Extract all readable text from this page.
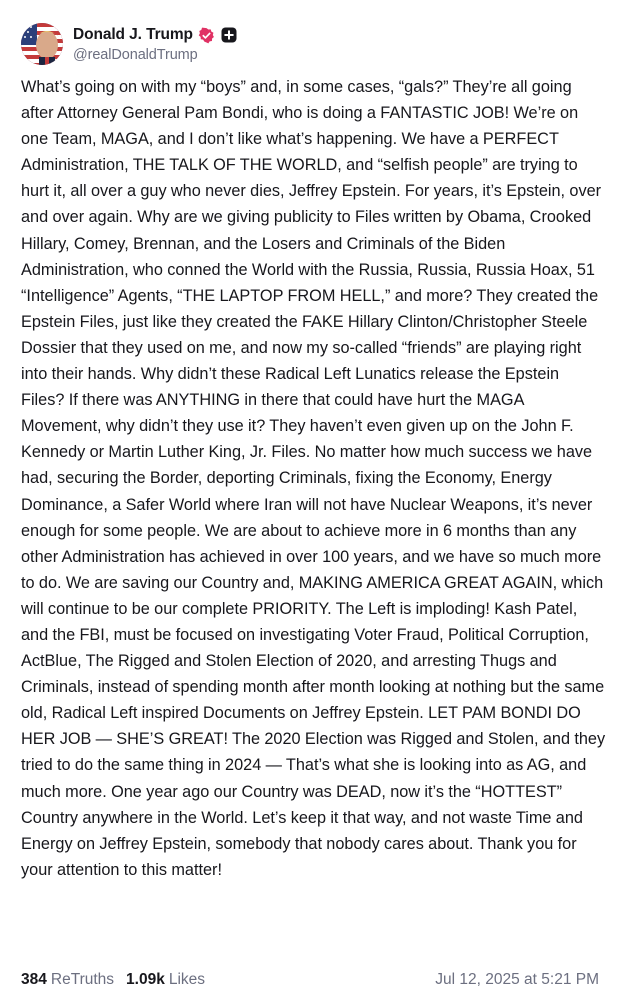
Donald J. Trump
@realDonaldTrump
What’s going on with my “boys” and, in some cases, “gals?” They’re all going after Attorney General Pam Bondi, who is doing a FANTASTIC JOB! We’re on one Team, MAGA, and I don’t like what’s happening. We have a PERFECT Administration, THE TALK OF THE WORLD, and “selfish people” are trying to hurt it, all over a guy who never dies, Jeffrey Epstein. For years, it’s Epstein, over and over again. Why are we giving publicity to Files written by Obama, Crooked Hillary, Comey, Brennan, and the Losers and Criminals of the Biden Administration, who conned the World with the Russia, Russia, Russia Hoax, 51 “Intelligence” Agents, “THE LAPTOP FROM HELL,” and more? They created the Epstein Files, just like they created the FAKE Hillary Clinton/Christopher Steele Dossier that they used on me, and now my so-called “friends” are playing right into their hands. Why didn’t these Radical Left Lunatics release the Epstein Files? If there was ANYTHING in there that could have hurt the MAGA Movement, why didn’t they use it? They haven’t even given up on the John F. Kennedy or Martin Luther King, Jr. Files. No matter how much success we have had, securing the Border, deporting Criminals, fixing the Economy, Energy Dominance, a Safer World where Iran will not have Nuclear Weapons, it’s never enough for some people. We are about to achieve more in 6 months than any other Administration has achieved in over 100 years, and we have so much more to do. We are saving our Country and, MAKING AMERICA GREAT AGAIN, which will continue to be our complete PRIORITY. The Left is imploding! Kash Patel, and the FBI, must be focused on investigating Voter Fraud, Political Corruption, ActBlue, The Rigged and Stolen Election of 2020, and arresting Thugs and Criminals, instead of spending month after month looking at nothing but the same old, Radical Left inspired Documents on Jeffrey Epstein. LET PAM BONDI DO HER JOB — SHE’S GREAT! The 2020 Election was Rigged and Stolen, and they tried to do the same thing in 2024 — That’s what she is looking into as AG, and much more. One year ago our Country was DEAD, now it’s the “HOTTEST” Country anywhere in the World. Let’s keep it that way, and not waste Time and Energy on Jeffrey Epstein, somebody that nobody cares about. Thank you for your attention to this matter!
384 ReTruths 1.09k Likes	Jul 12, 2025 at 5:21 PM
